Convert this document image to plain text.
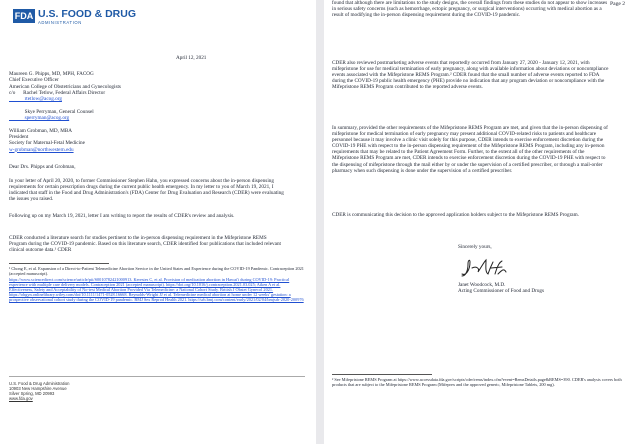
FDA U.S. FOOD & DRUG
ADMINISTRATION
April 12, 2021
Maureen G. Phipps, MD, MPH, FACOG
Chief Executive Officer
American College of Obstetricians and Gynecologists
c/o      Rachel Tetlow, Federal Affairs Director
rtetlow@acog.org
Skye Perryman, General Counsel
sperryman@acog.org
William Grobman, MD, MBA
President
Society for Maternal-Fetal Medicine
w-grobman@northwestern.edu
Dear Drs. Phipps and Grobman,
In your letter of April 20, 2020, to former Commissioner Stephen Hahn, you expressed concerns about the in-person dispensing requirements for certain prescription drugs during the current public health emergency. In my letter to you of March 19, 2021, I indicated that staff in the Food and Drug Administration's (FDA) Center for Drug Evaluation and Research (CDER) were evaluating the issues you raised.
Following up on my March 19, 2021, letter I am writing to report the results of CDER's review and analysis.
CDER conducted a literature search for studies pertinent to the in-person dispensing requirement in the Mifepristone REMS Program during the COVID-19 pandemic. Based on this literature search, CDER identified four publications that included relevant clinical outcome data.¹ CDER
¹ Chong E, et al. Expansion of a Direct-to-Patient Telemedicine Abortion Service in the United States and Experience during the COVID-19 Pandemic. Contraception 2021 (accepted manuscript).
https://www.sciencedirect.com/science/article/pii/S0010782421000913. Kerestes C, et al. Provision of medication abortion in Hawai'i during COVID-19: Practical experience with multiple care delivery models. Contraception 2021 (accepted manuscript). https://doi.org/10.1016/j.contraception.2021.03.025; Aiken A et al. Effectiveness, Safety and Acceptability of No-test Medical Abortion Provided Via Telemedicine: a National Cohort Study. British J Obstet Gynecol 2021. https://obgyn.onlinelibrary.wiley.com/doi/10.1111/1471-0528.16668. Reynolds-Wright JJ et al. Telemedicine medical abortion at home under 12 weeks' gestation: a prospective observational cohort study during the COVID-19 pandemic. BMJ Sex Reprod Health 2021. https://srh.bmj.com/content/early/2021/02/04/bmjsrh-2020-200976
U.S. Food & Drug Administration
10903 New Hampshire Avenue
Silver Spring, MD 20993
www.fda.gov
Page 2
found that although there are limitations to the study designs, the overall findings from these studies do not appear to show increases in serious safety concerns (such as hemorrhage, ectopic pregnancy, or surgical interventions) occurring with medical abortion as a result of modifying the in-person dispensing requirement during the COVID-19 pandemic.
CDER also reviewed postmarketing adverse events that reportedly occurred from January 27, 2020 - January 12, 2021, with mifepristone for use for medical termination of early pregnancy, along with available information about deviations or noncompliance events associated with the Mifepristone REMS Program.² CDER found that the small number of adverse events reported to FDA during the COVID-19 public health emergency (PHE) provide no indication that any program deviation or noncompliance with the Mifepristone REMS Program contributed to the reported adverse events.
In summary, provided the other requirements of the Mifepristone REMS Program are met, and given that the in-person dispensing of mifepristone for medical termination of early pregnancy may present additional COVID-related risks to patients and healthcare personnel because it may involve a clinic visit solely for this purpose, CDER intends to exercise enforcement discretion during the COVID-19 PHE with respect to the in-person dispensing requirement of the Mifepristone REMS Program, including any in-person requirements that may be related to the Patient Agreement Form. Further, to the extent all of the other requirements of the Mifepristone REMS Program are met, CDER intends to exercise enforcement discretion during the COVID-19 PHE with respect to the dispensing of mifepristone through the mail either by or under the supervision of a certified prescriber, or through a mail-order pharmacy when such dispensing is done under the supervision of a certified prescriber.
CDER is communicating this decision to the approved application holders subject to the Mifepristone REMS Program.
Sincerely yours,
Janet Woodcock, M.D.
Acting Commissioner of Food and Drugs
² See Mifepristone REMS Program at https://www.accessdata.fda.gov/scripts/cder/rems/index.cfm?event=RemsDetails.page&REMS=390. CDER's analysis covers both products that are subject to the Mifepristone REMS Program (Mifeprex and the approved generic, Mifepristone Tablets, 200 mg).
